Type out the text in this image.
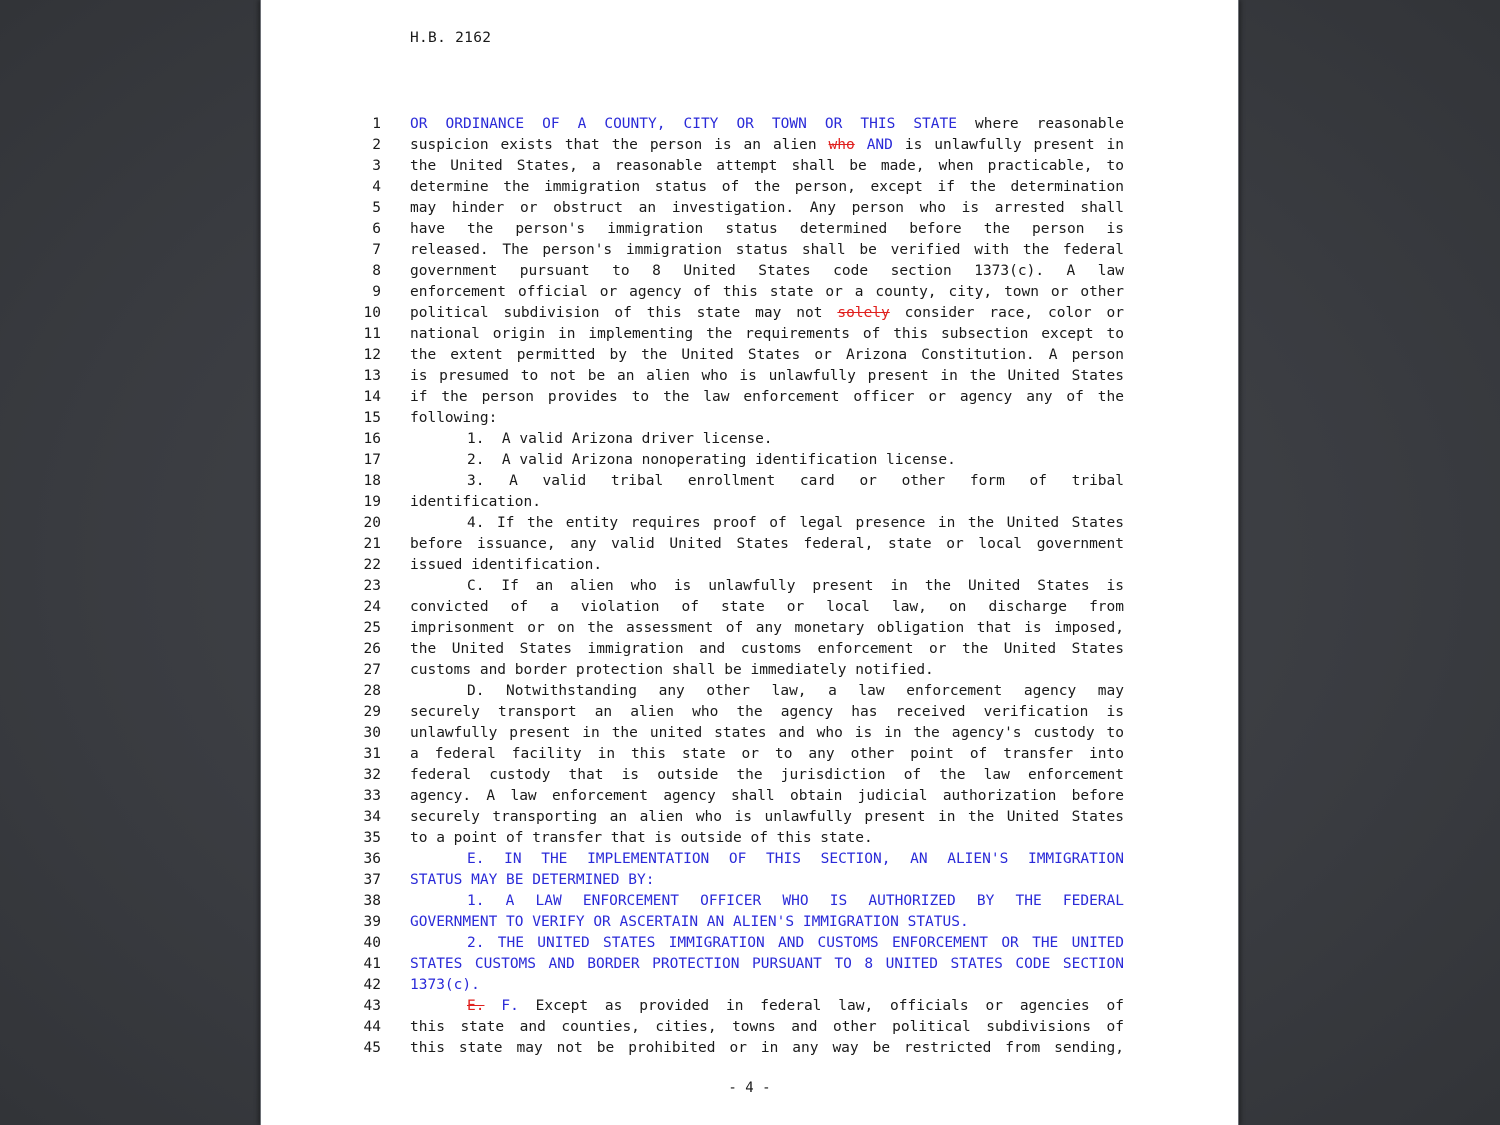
H.B. 2162
1 OR ORDINANCE OF A COUNTY, CITY OR TOWN OR THIS STATE where reasonable
2 suspicion exists that the person is an alien who AND is unlawfully present in
3 the United States, a reasonable attempt shall be made, when practicable, to
4 determine the immigration status of the person, except if the determination
5 may hinder or obstruct an investigation. Any person who is arrested shall
6 have the person's immigration status determined before the person is
7 released. The person's immigration status shall be verified with the federal
8 government pursuant to 8 United States code section 1373(c). A law
9 enforcement official or agency of this state or a county, city, town or other
10 political subdivision of this state may not solely consider race, color or
11 national origin in implementing the requirements of this subsection except to
12 the extent permitted by the United States or Arizona Constitution. A person
13 is presumed to not be an alien who is unlawfully present in the United States
14 if the person provides to the law enforcement officer or agency any of the
15 following:
16	1.  A valid Arizona driver license.
17	2.  A valid Arizona nonoperating identification license.
18	3. A valid tribal enrollment card or other form of tribal
19 identification.
20	4. If the entity requires proof of legal presence in the United States
21 before issuance, any valid United States federal, state or local government
22 issued identification.
23	C. If an alien who is unlawfully present in the United States is
24 convicted of a violation of state or local law, on discharge from
25 imprisonment or on the assessment of any monetary obligation that is imposed,
26 the United States immigration and customs enforcement or the United States
27 customs and border protection shall be immediately notified.
28	D. Notwithstanding any other law, a law enforcement agency may
29 securely transport an alien who the agency has received verification is
30 unlawfully present in the united states and who is in the agency's custody to
31 a federal facility in this state or to any other point of transfer into
32 federal custody that is outside the jurisdiction of the law enforcement
33 agency. A law enforcement agency shall obtain judicial authorization before
34 securely transporting an alien who is unlawfully present in the United States
35 to a point of transfer that is outside of this state.
36	E. IN THE IMPLEMENTATION OF THIS SECTION, AN ALIEN'S IMMIGRATION
37 STATUS MAY BE DETERMINED BY:
38	1. A LAW ENFORCEMENT OFFICER WHO IS AUTHORIZED BY THE FEDERAL
39 GOVERNMENT TO VERIFY OR ASCERTAIN AN ALIEN'S IMMIGRATION STATUS.
40	2. THE UNITED STATES IMMIGRATION AND CUSTOMS ENFORCEMENT OR THE UNITED
41 STATES CUSTOMS AND BORDER PROTECTION PURSUANT TO 8 UNITED STATES CODE SECTION
42 1373(c).
43	E. F. Except as provided in federal law, officials or agencies of
44 this state and counties, cities, towns and other political subdivisions of
45 this state may not be prohibited or in any way be restricted from sending,
- 4 -
